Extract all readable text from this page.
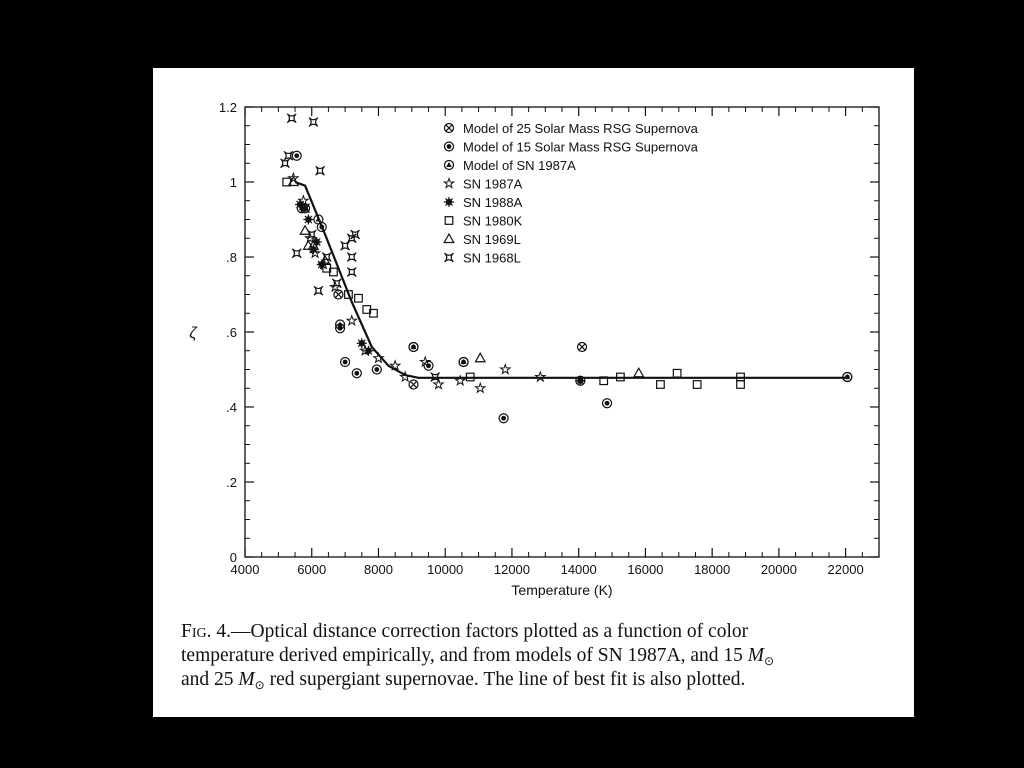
4000	6000	8000	10000 12000 14000 16000 18000 20000 22000
0
.2
.4
.6
.8
1
1.2
Model of 25 Solar Mass RSG Supernova
Model of 15 Solar Mass RSG Supernova
Model of SN 1987A
SN 1987A
SN 1988A
SN 1980K
SN 1969L
SN 1968L
Temperature (K)
ζ
Fig. 4.—Optical distance correction factors plotted as a function of color
temperature derived empirically, and from models of SN 1987A, and 15 $M_⊙$
and 25 $M_⊙$ red supergiant supernovae. The line of best fit is also plotted.
